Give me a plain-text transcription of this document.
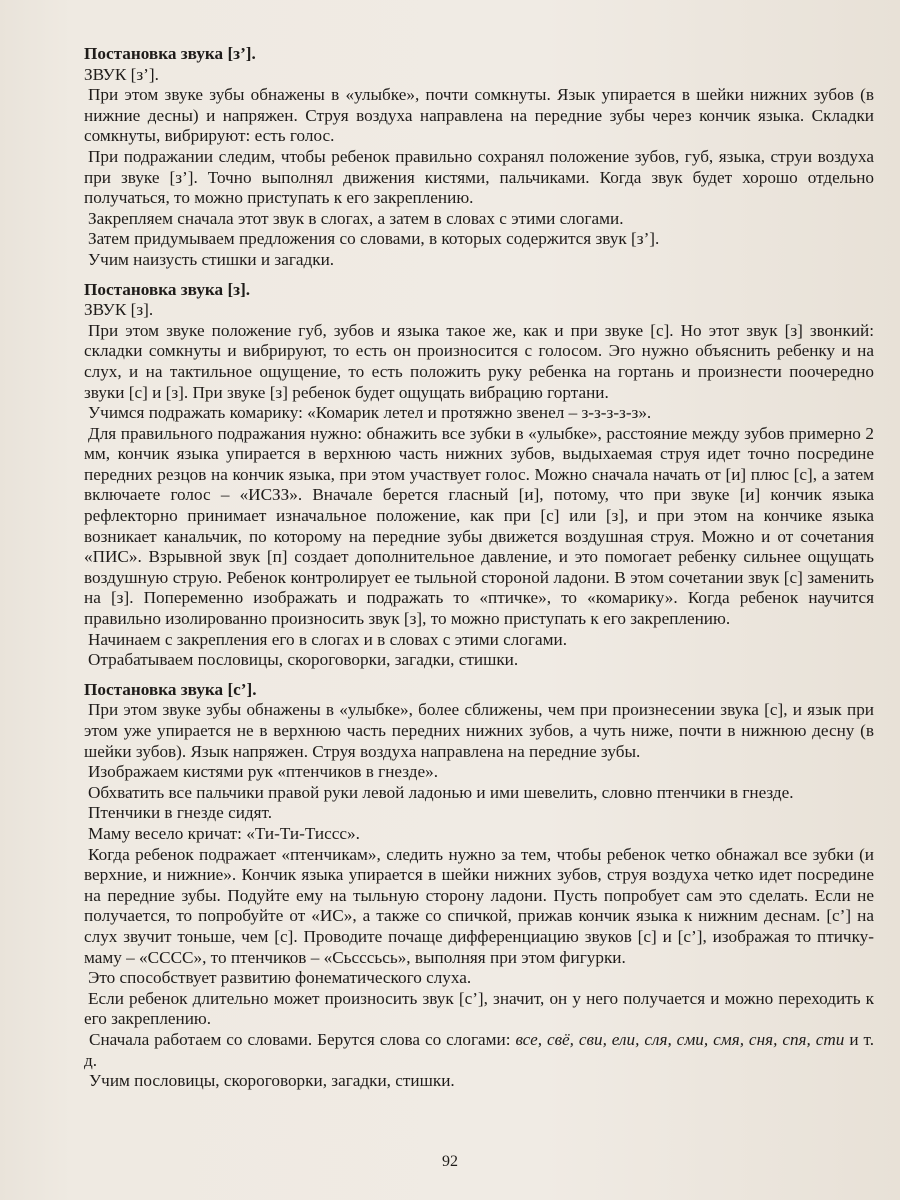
Постановка звука [з’].

ЗВУК [з’].

При этом звуке зубы обнажены в «улыбке», почти сомкнуты. Язык упирается в шейки нижних зубов (в нижние десны) и напряжен. Струя воздуха направлена на передние зубы через кончик языка. Складки сомкнуты, вибрируют: есть голос.

При подражании следим, чтобы ребенок правильно сохранял положение зубов, губ, языка, струи воздуха при звуке [з’]. Точно выполнял движения кистями, пальчиками. Когда звук будет хорошо отдельно получаться, то можно приступать к его закреплению.

Закрепляем сначала этот звук в слогах, а затем в словах с этими слогами.

Затем придумываем предложения со словами, в которых содержится звук [з’].

Учим наизусть стишки и загадки.

Постановка звука [з].

ЗВУК [з].

При этом звуке положение губ, зубов и языка такое же, как и при звуке [с]. Но этот звук [з] звонкий: складки сомкнуты и вибрируют, то есть он произносится с голосом. Эго нужно объяснить ребенку и на слух, и на тактильное ощущение, то есть положить руку ребенка на гортань и произнести поочередно звуки [с] и [з]. При звуке [з] ребенок будет ощущать вибрацию гортани.

Учимся подражать комарику: «Комарик летел и протяжно звенел – з-з-з-з-з».

Для правильного подражания нужно: обнажить все зубки в «улыбке», расстояние между зубов примерно 2 мм, кончик языка упирается в верхнюю часть нижних зубов, выдыхаемая струя идет точно посредине передних резцов на кончик языка, при этом участвует голос. Можно сначала начать от [и] плюс [с], а затем включаете голос – «ИСЗЗ». Вначале берется гласный [и], потому, что при звуке [и] кончик языка рефлекторно принимает изначальное положение, как при [с] или [з], и при этом на кончике языка возникает канальчик, по которому на передние зубы движется воздушная струя. Можно и от сочетания «ПИС». Взрывной звук [п] создает дополнительное давление, и это помогает ребенку сильнее ощущать воздушную струю. Ребенок контролирует ее тыльной стороной ладони. В этом сочетании звук [с] заменить на [з]. Попеременно изображать и подражать то «птичке», то «комарику». Когда ребенок научится правильно изолированно произносить звук [з], то можно приступать к его закреплению.

Начинаем с закрепления его в слогах и в словах с этими слогами.

Отрабатываем пословицы, скороговорки, загадки, стишки.

Постановка звука [с’].

При этом звуке зубы обнажены в «улыбке», более сближены, чем при произнесении звука [с], и язык при этом уже упирается не в верхнюю часть передних нижних зубов, а чуть ниже, почти в нижнюю десну (в шейки зубов). Язык напряжен. Струя воздуха направлена на передние зубы.

Изображаем кистями рук «птенчиков в гнезде».

Обхватить все пальчики правой руки левой ладонью и ими шевелить, словно птенчики в гнезде.

Птенчики в гнезде сидят.

Маму весело кричат: «Ти-Ти-Тиссс».

Когда ребенок подражает «птенчикам», следить нужно за тем, чтобы ребенок четко обнажал все зубки (и верхние, и нижние». Кончик языка упирается в шейки нижних зубов, струя воздуха четко идет посредине на передние зубы. Подуйте ему на тыльную сторону ладони. Пусть попробует сам это сделать. Если не получается, то попробуйте от «ИС», а также со спичкой, прижав кончик языка к нижним деснам. [с’] на слух звучит тоньше, чем [с]. Проводите почаще дифференциацию звуков [с] и [с’], изображая то птичку-маму – «СССС», то птенчиков – «Сьсссьсь», выполняя при этом фигурки.

Это способствует развитию фонематического слуха.

Если ребенок длительно может произносить звук [с’], значит, он у него получается и можно переходить к его закреплению.

Сначала работаем со словами. Берутся слова со слогами: все, свё, сви, ели, сля, сми, смя, сня, спя, сти и т. д.

Учим пословицы, скороговорки, загадки, стишки.

92
